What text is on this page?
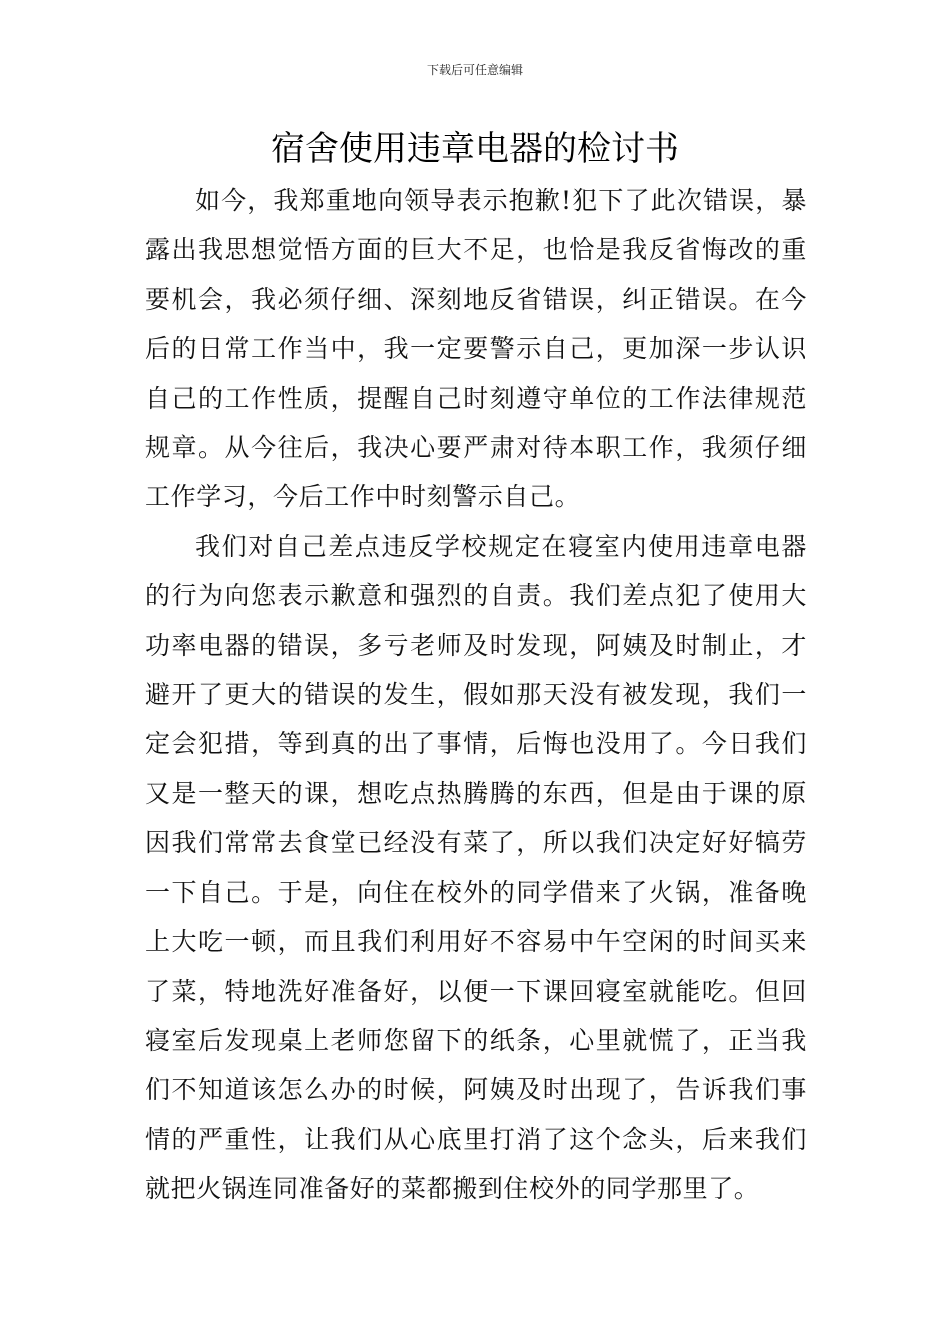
下载后可任意编辑
宿舍使用违章电器的检讨书

如今，我郑重地向领导表示抱歉!犯下了此次错误，暴露出我思想觉悟方面的巨大不足，也恰是我反省悔改的重要机会，我必须仔细、深刻地反省错误，纠正错误。在今后的日常工作当中，我一定要警示自己，更加深一步认识自己的工作性质，提醒自己时刻遵守单位的工作法律规范规章。从今往后，我决心要严肃对待本职工作，我须仔细工作学习，今后工作中时刻警示自己。

我们对自己差点违反学校规定在寝室内使用违章电器的行为向您表示歉意和强烈的自责。我们差点犯了使用大功率电器的错误，多亏老师及时发现，阿姨及时制止，才避开了更大的错误的发生，假如那天没有被发现，我们一定会犯措，等到真的出了事情，后悔也没用了。今日我们又是一整天的课，想吃点热腾腾的东西，但是由于课的原因我们常常去食堂已经没有菜了，所以我们决定好好犒劳一下自己。于是，向住在校外的同学借来了火锅，准备晚上大吃一顿，而且我们利用好不容易中午空闲的时间买来了菜，特地洗好准备好，以便一下课回寝室就能吃。但回寝室后发现桌上老师您留下的纸条，心里就慌了，正当我们不知道该怎么办的时候，阿姨及时出现了，告诉我们事情的严重性，让我们从心底里打消了这个念头，后来我们就把火锅连同准备好的菜都搬到住校外的同学那里了。
